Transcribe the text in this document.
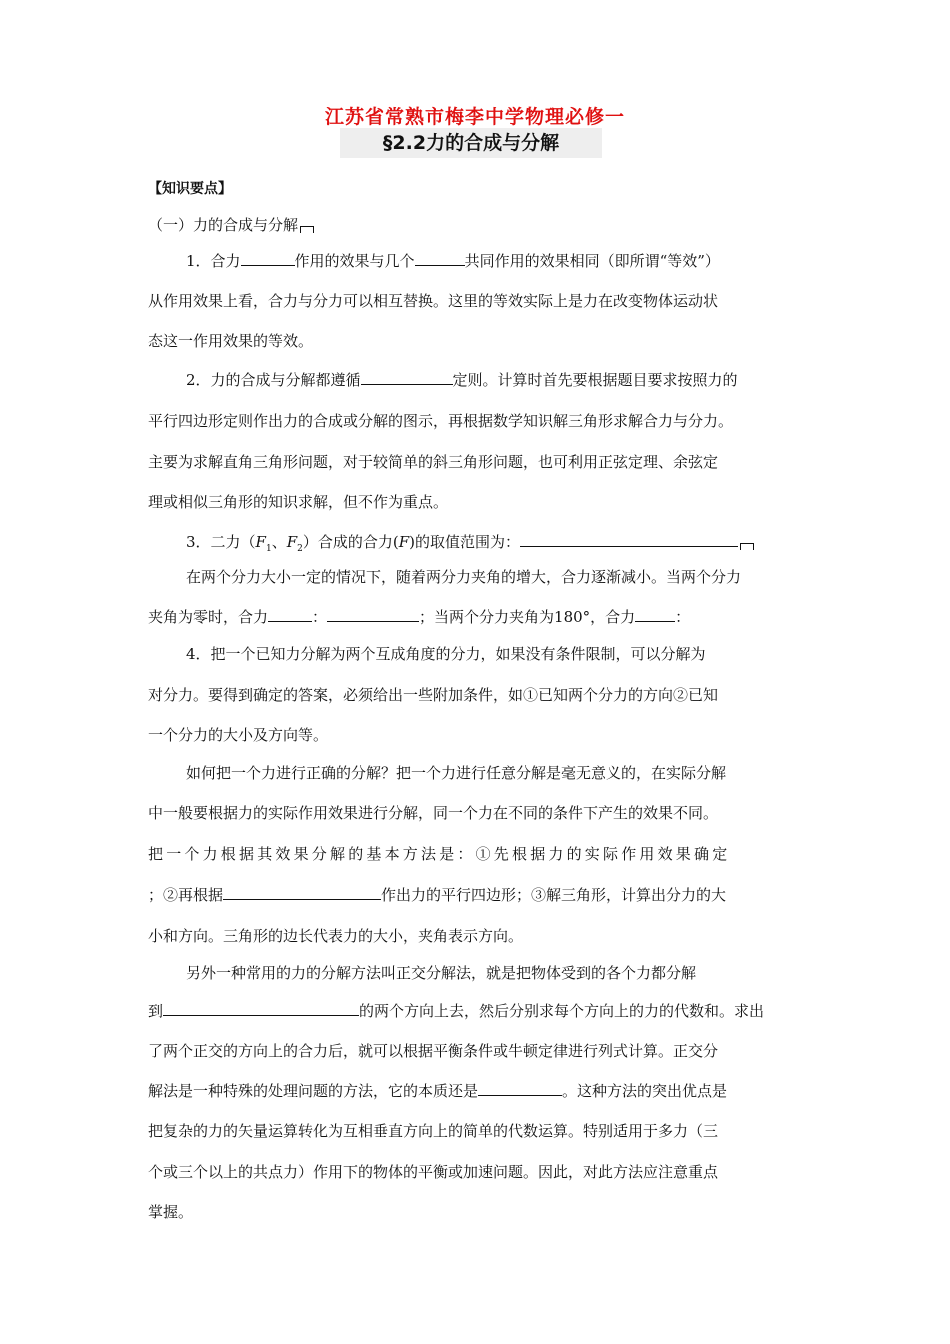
江苏省常熟市梅李中学物理必修一
§2.2力的合成与分解
【知识要点】
（一）力的合成与分解
1．合力	作用的效果与几个	共同作用的效果相同（即所谓“等效”）
从作用效果上看，合力与分力可以相互替换。这里的等效实际上是力在改变物体运动状
态这一作用效果的等效。
2．力的合成与分解都遵循	定则。计算时首先要根据题目要求按照力的
平行四边形定则作出力的合成或分解的图示，再根据数学知识解三角形求解合力与分力。
主要为求解直角三角形问题，对于较简单的斜三角形问题，也可利用正弦定理、余弦定
理或相似三角形的知识求解，但不作为重点。
3．二力（$F_1$、$F_2$）合成的合力(F)的取值范围为：
在两个分力大小一定的情况下，随着两分力夹角的增大，合力逐渐减小。当两个分力
夹角为零时，合力	：	；当两个分力夹角为180°，合力	：
4．把一个已知力分解为两个互成角度的分力，如果没有条件限制，可以分解为
对分力。要得到确定的答案，必须给出一些附加条件，如①已知两个分力的方向②已知
一个分力的大小及方向等。
如何把一个力进行正确的分解？把一个力进行任意分解是毫无意义的，在实际分解
中一般要根据力的实际作用效果进行分解，同一个力在不同的条件下产生的效果不同。
把一个力根据其效果分解的基本方法是：①先根据力的实际作用效果确定
；②再根据	作出力的平行四边形；③解三角形，计算出分力的大
小和方向。三角形的边长代表力的大小，夹角表示方向。
另外一种常用的力的分解方法叫正交分解法，就是把物体受到的各个力都分解
到	的两个方向上去，然后分别求每个方向上的力的代数和。求出
了两个正交的方向上的合力后，就可以根据平衡条件或牛顿定律进行列式计算。正交分
解法是一种特殊的处理问题的方法，它的本质还是	。这种方法的突出优点是
把复杂的力的矢量运算转化为互相垂直方向上的简单的代数运算。特别适用于多力（三
个或三个以上的共点力）作用下的物体的平衡或加速问题。因此，对此方法应注意重点
掌握。
